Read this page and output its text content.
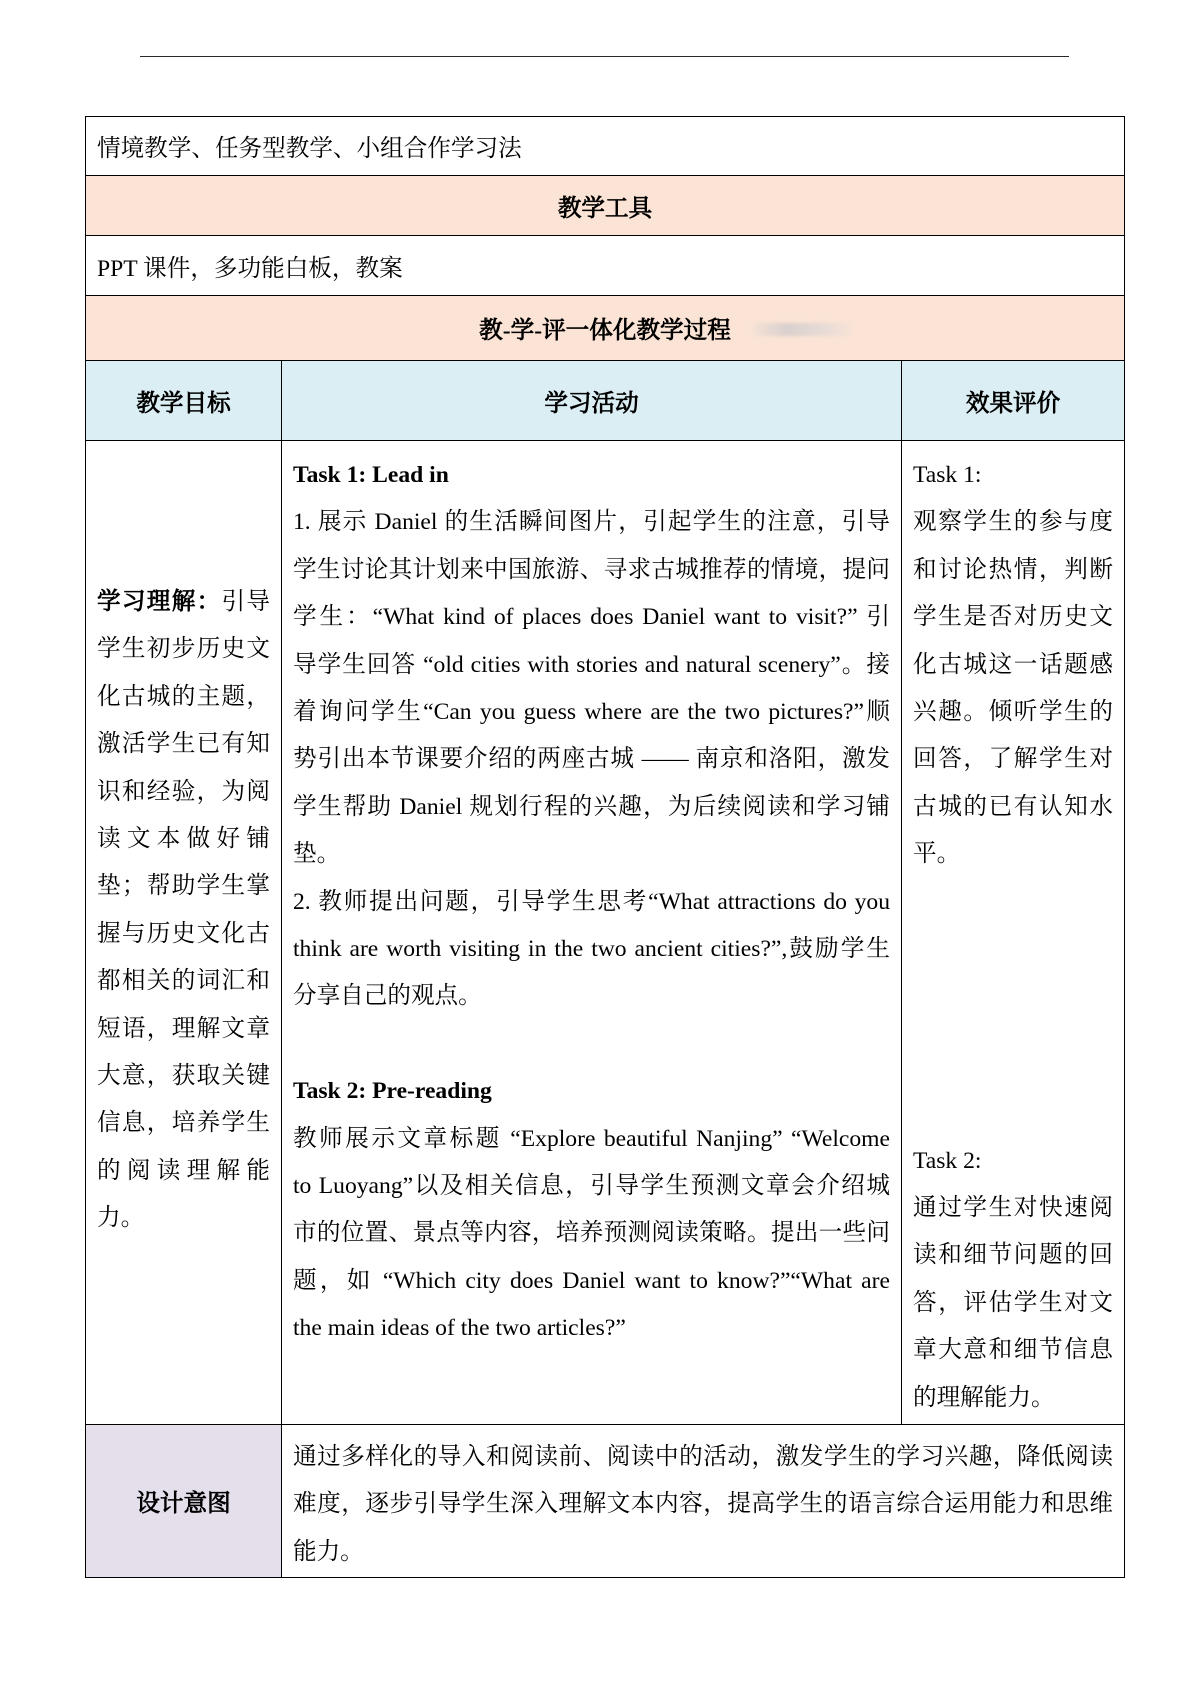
情境教学、任务型教学、小组合作学习法
教学工具
PPT 课件，多功能白板，教案
教-学-评一体化教学过程
教学目标	学习活动	效果评价
学习理解：引导
学生初步历史文
化古城的主题，
激活学生已有知
识和经验，为阅
读文本做好铺
垫；帮助学生掌
握与历史文化古
都相关的词汇和
短语，理解文章
大意，获取关键
信息，培养学生
的阅读理解能
力。
Task 1: Lead in
1. 展示 Daniel 的生活瞬间图片，引起学生的注意，引导
学生讨论其计划来中国旅游、寻求古城推荐的情境，提问
学生：“What kind of places does Daniel want to visit?” 引
导学生回答 “old cities with stories and natural scenery”。接
着询问学生“Can you guess where are the two pictures?”顺
势引出本节课要介绍的两座古城 —— 南京和洛阳，激发
学生帮助 Daniel 规划行程的兴趣，为后续阅读和学习铺
垫。
2. 教师提出问题，引导学生思考“What attractions do you
think are worth visiting in the two ancient cities?”,鼓励学生
分享自己的观点。
Task 2: Pre-reading
教师展示文章标题 “Explore beautiful Nanjing” “Welcome
to Luoyang”以及相关信息，引导学生预测文章会介绍城
市的位置、景点等内容，培养预测阅读策略。提出一些问
题，如 “Which city does Daniel want to know?”“What are
the main ideas of the two articles?”
Task 1:
观察学生的参与度
和讨论热情，判断
学生是否对历史文
化古城这一话题感
兴趣。倾听学生的
回答，了解学生对
古城的已有认知水
平。
Task 2:
通过学生对快速阅
读和细节问题的回
答，评估学生对文
章大意和细节信息
的理解能力。
设计意图
通过多样化的导入和阅读前、阅读中的活动，激发学生的学习兴趣，降低阅读
难度，逐步引导学生深入理解文本内容，提高学生的语言综合运用能力和思维
能力。
